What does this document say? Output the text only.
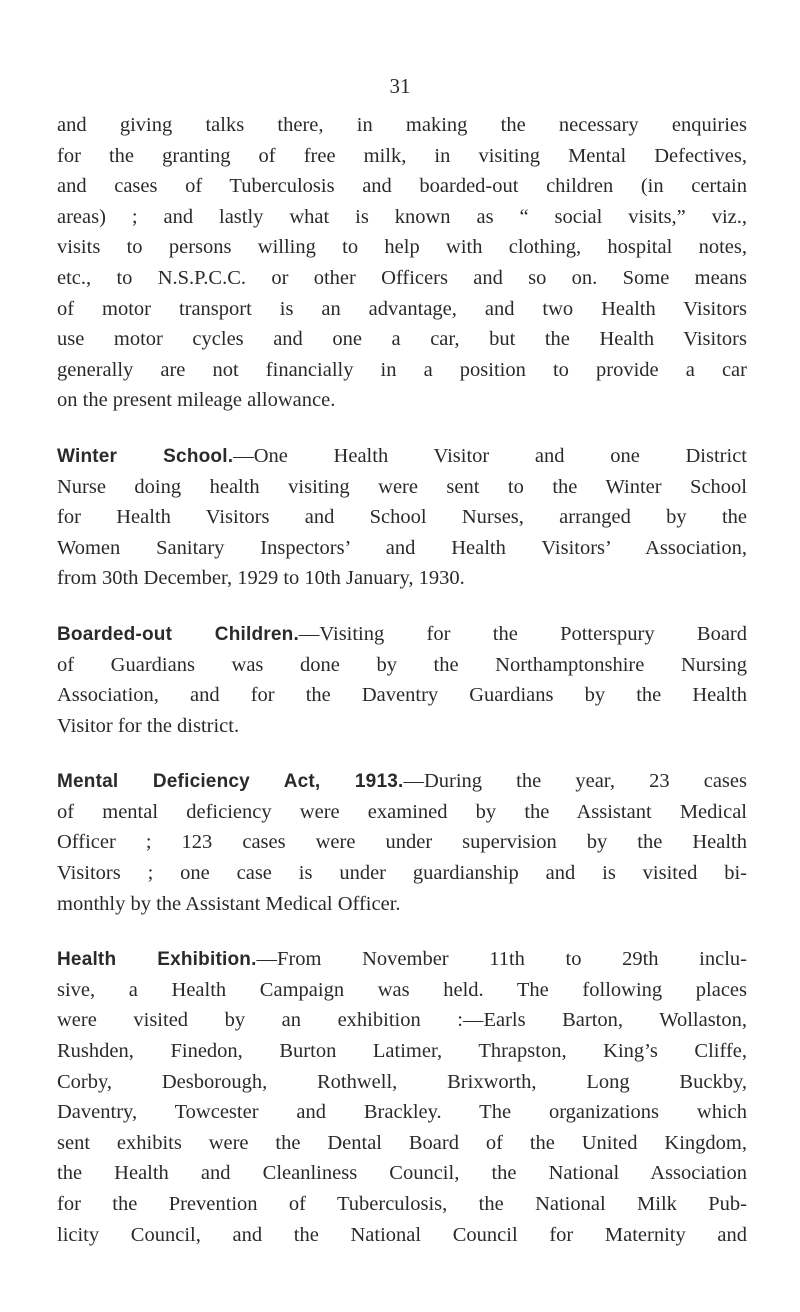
31
and giving talks there, in making the necessary enquiries
for the granting of free milk, in visiting Mental Defectives,
and cases of Tuberculosis and boarded-out children (in certain
areas) ; and lastly what is known as “ social visits,” viz.,
visits to persons willing to help with clothing, hospital notes,
etc., to N.S.P.C.C. or other Officers and so on. Some means
of motor transport is an advantage, and two Health Visitors
use motor cycles and one a car, but the Health Visitors
generally are not financially in a position to provide a car
on the present mileage allowance.
Winter School.—One Health Visitor and one District
Nurse doing health visiting were sent to the Winter School
for Health Visitors and School Nurses, arranged by the
Women Sanitary Inspectors’ and Health Visitors’ Association,
from 30th December, 1929 to 10th January, 1930.
Boarded-out Children.—Visiting for the Potterspury Board
of Guardians was done by the Northamptonshire Nursing
Association, and for the Daventry Guardians by the Health
Visitor for the district.
Mental Deficiency Act, 1913.—During the year, 23 cases
of mental deficiency were examined by the Assistant Medical
Officer ; 123 cases were under supervision by the Health
Visitors ; one case is under guardianship and is visited bi-
monthly by the Assistant Medical Officer.
Health Exhibition.—From November 11th to 29th inclu-
sive, a Health Campaign was held. The following places
were visited by an exhibition :—Earls Barton, Wollaston,
Rushden, Finedon, Burton Latimer, Thrapston, King’s Cliffe,
Corby, Desborough, Rothwell, Brixworth, Long Buckby,
Daventry, Towcester and Brackley. The organizations which
sent exhibits were the Dental Board of the United Kingdom,
the Health and Cleanliness Council, the National Association
for the Prevention of Tuberculosis, the National Milk Pub-
licity Council, and the National Council for Maternity and
